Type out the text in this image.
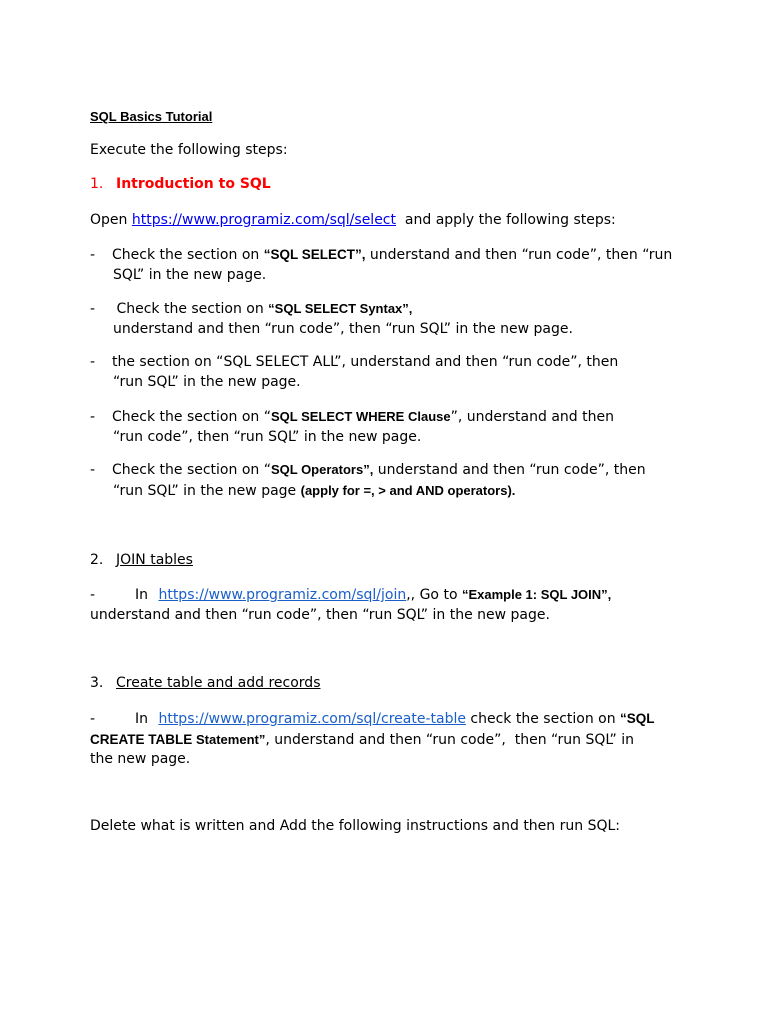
SQL Basics Tutorial
Execute the following steps:
1. Introduction to SQL
Open https://www.programiz.com/sql/select  and apply the following steps:
- Check the section on “SQL SELECT”, understand and then “run code”, then “run
SQL” in the new page.
- Check the section on “SQL SELECT Syntax”,
understand and then “run code”, then “run SQL” in the new page.
- the section on “SQL SELECT ALL”, understand and then “run code”, then
“run SQL” in the new page.
- Check the section on “SQL SELECT WHERE Clause”, understand and then
“run code”, then “run SQL” in the new page.
- Check the section on “SQL Operators”, understand and then “run code”, then
“run SQL” in the new page (apply for =, > and AND operators).
2. JOIN tables
-	In https://www.programiz.com/sql/join,, Go to “Example 1: SQL JOIN”,
understand and then “run code”, then “run SQL” in the new page.
3. Create table and add records
-	In https://www.programiz.com/sql/create-table check the section on “SQL
CREATE TABLE Statement”, understand and then “run code”,  then “run SQL” in
the new page.
Delete what is written and Add the following instructions and then run SQL:
